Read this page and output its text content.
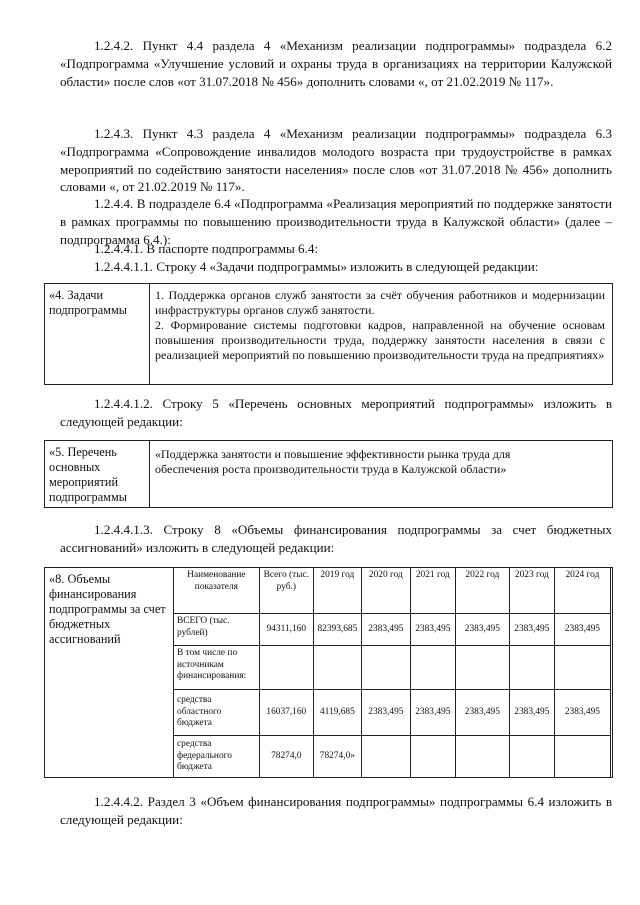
1.2.4.2. Пункт 4.4 раздела 4 «Механизм реализации подпрограммы» подраздела 6.2 «Подпрограмма «Улучшение условий и охраны труда в организациях на территории Калужской области» после слов «от 31.07.2018 № 456» дополнить словами «, от 21.02.2019 № 117».

1.2.4.3. Пункт 4.3 раздела 4 «Механизм реализации подпрограммы» подраздела 6.3 «Подпрограмма «Сопровождение инвалидов молодого возраста при трудоустройстве в рамках мероприятий по содействию занятости населения» после слов «от 31.07.2018 № 456» дополнить словами «, от 21.02.2019 № 117».

1.2.4.4. В подразделе 6.4 «Подпрограмма «Реализация мероприятий по поддержке занятости в рамках программы по повышению производительности труда в Калужской области» (далее – подпрограмма 6.4.):

1.2.4.4.1. В паспорте подпрограммы 6.4:

1.2.4.4.1.1. Строку 4 «Задачи подпрограммы» изложить в следующей редакции:

«4. Задачи подпрограммы
1. Поддержка органов служб занятости за счёт обучения работников и модернизации инфраструктуры органов служб занятости.
2. Формирование системы подготовки кадров, направленной на обучение основам повышения производительности труда, поддержку занятости населения в связи с реализацией мероприятий по повышению производительности труда на предприятиях»

1.2.4.4.1.2. Строку 5 «Перечень основных мероприятий подпрограммы» изложить в следующей редакции:

«5. Перечень основных мероприятий подпрограммы
«Поддержка занятости и повышение эффективности рынка труда для обеспечения роста производительности труда в Калужской области»

1.2.4.4.1.3. Строку 8 «Объемы финансирования подпрограммы за счет бюджетных ассигнований» изложить в следующей редакции:

«8. Объемы финансирования подпрограммы за счет бюджетных ассигнований
Наименование показателя	Всего (тыс. руб.)	2019 год	2020 год	2021 год	2022 год	2023 год	2024 год
ВСЕГО (тыс. рублей)	94311,160	82393,685	2383,495	2383,495	2383,495	2383,495	2383,495
В том числе по источникам финансирования:							
средства областного бюджета	16037,160	4119,685	2383,495	2383,495	2383,495	2383,495	2383,495
средства федерального бюджета	78274,0	78274,0»					

1.2.4.4.2. Раздел 3 «Объем финансирования подпрограммы» подпрограммы 6.4 изложить в следующей редакции:
